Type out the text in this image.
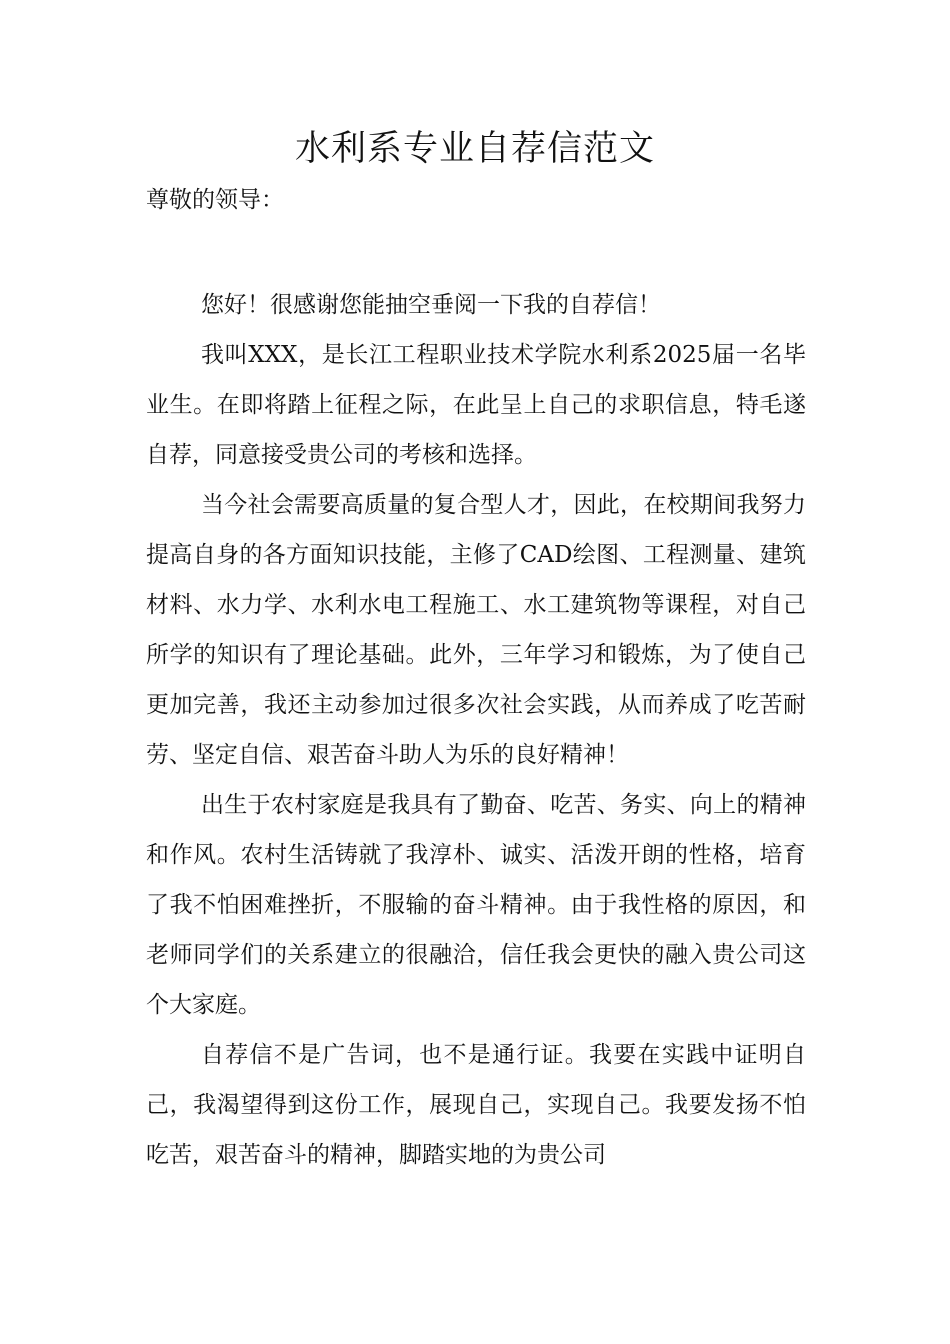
水利系专业自荐信范文
尊敬的领导：

您好！很感谢您能抽空垂阅一下我的自荐信！

我叫XXX，是长江工程职业技术学院水利系2025届一名毕业生。在即将踏上征程之际，在此呈上自己的求职信息，特毛遂自荐，同意接受贵公司的考核和选择。

当今社会需要高质量的复合型人才，因此，在校期间我努力提高自身的各方面知识技能，主修了CAD绘图、工程测量、建筑材料、水力学、水利水电工程施工、水工建筑物等课程，对自己所学的知识有了理论基础。此外，三年学习和锻炼，为了使自己更加完善，我还主动参加过很多次社会实践，从而养成了吃苦耐劳、坚定自信、艰苦奋斗助人为乐的良好精神！

出生于农村家庭是我具有了勤奋、吃苦、务实、向上的精神和作风。农村生活铸就了我淳朴、诚实、活泼开朗的性格，培育了我不怕困难挫折，不服输的奋斗精神。由于我性格的原因，和老师同学们的关系建立的很融洽，信任我会更快的融入贵公司这个大家庭。

自荐信不是广告词，也不是通行证。我要在实践中证明自己，我渴望得到这份工作，展现自己，实现自己。我要发扬不怕吃苦，艰苦奋斗的精神，脚踏实地的为贵公司
